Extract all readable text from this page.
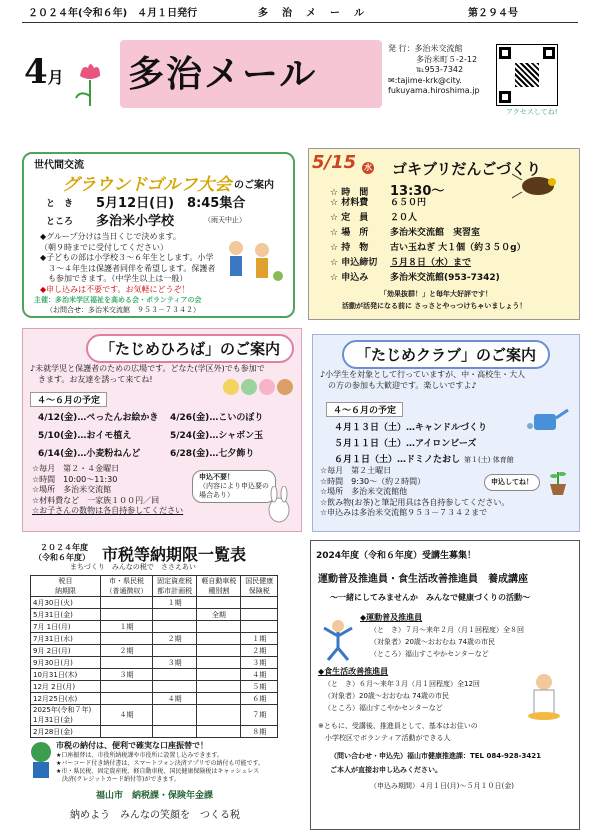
２０２４年(令和６年)　４月１日発行	多　治　メ　ー　ル	第２９４号
4月 多治メール
発 行：多治米交流館
多治米町５-2-12
℡953-7342
✉:tajime-krk@city.
fukuyama.hiroshima.jp
アクセスしてね!
世代間交流
グラウンドゴルフ大会 のご案内
と　き 5月12日(日)　8:45集合
ところ 多治米小学校	（雨天中止）
◆グループ分けは当日くじで決めます。
（朝９時までに受付してください）
◆子どもの部は小学校３～６年生とします。小学
　３～４年生は保護者同伴を希望します。保護者
　も参加できます。（中学生以上は一般）
◆申し込みは不要です。お気軽にどうぞ！
主催：多治米学区福祉を高める会・ボランティアの会
（お問合せ：多治米交流館　９５３－７３４２）
5/15 水 ゴキブリだんごづくり
☆ 時　間 13:30～
☆ 材料費 ６５０円
☆ 定　員 ２０人
☆ 場　所 多治米交流館　実習室
☆ 持　物 古い玉ねぎ 大１個（約３５０g）
☆ 申込締切 ５月８日（水）まで
☆ 申込み 多治米交流館(953-7342)
「効果抜群！」と毎年大好評です！
活動が活発になる前に さっさとやっつけちゃいましょう！
「たじめひろば」のご案内
♪未就学児と保護者のための広場です。どなた(学区外)でも参加で
　きます。お友達を誘って来てね!
４～６月の予定
4/12(金)…ぺったんお絵かき 4/26(金)…こいのぼり
5/10(金)…おイモ植え	5/24(金)…シャボン玉
6/14(金)…小麦粉ねんど	6/28(金)…七夕飾り
☆毎月　第２・４金曜日
☆時間　10:00～11:30
☆場所　多治米交流館
☆材料費など　一家族１００円／回
☆お子さんの数物は各自持参してください
申込不要！
（内容により申込要の
場合あり）
「たじめクラブ」のご案内
♪小学生を対象として行っていますが、中・高校生・大人
　の方の参加も大歓迎です。楽しいですよ♪
４～６月の予定
４月１３日（土）…キャンドルづくり
５月１１日（土）…アイロンビーズ
６月１日（土）…ドミノたおし 第１(土) 体育館
☆毎月　第２土曜日
☆時間　9:30～（約２時間）
☆場所　多治米交流館他
☆飲み物(お茶)と筆記用具は各自持参してください。
☆申込みは多治米交流館９５３－７３４２まで
申込してね！
２０２４年度
（令和６年度） 市税等納期限一覧表
まちづくり　みんなの税で　ささえあい
税目
納期限	市・県民税
（普通徴収）	固定資産税
都市計画税	軽自動車税
種別割	国民健康
保険税
4月30日(火)		１期		
5月31日(金)			全期	
7月 1日(月)	１期			
7月31日(水)		２期		１期
9月 2日(月)	２期			２期
9月30日(月)		３期		３期
10月31日(木)	３期			４期
12月 2日(月)				５期
12月25日(水)		４期		６期
2025年(令和７年)
1月31日(金)	４期			７期
2月28日(金)				８期
市税の納付は、便利で確実な口座振替で！
★口座振替は、市役所納税課や市役所に設置し込みできます。
★バーコード付き納付書は、スマートフォン決済アプリでの納付も可能です。
★市・県民税、固定資産税、軽自動車税、国民健康保険税はキャッシュレス
　決済(クレジットカード納付等)ができます。
福山市　納税課・保険年金課
納めよう　みんなの笑顔を　つくる税
2024年度（令和６年度）受講生募集！
運動普及推進員・食生活改善推進員　養成講座
～一緒にしてみませんか　みんなで健康づくりの活動～
◆運動普及推進員
（と　き）７月～来年２月（月１回程度）全８回
（対象者）20歳～おおむね 74歳の市民
（ところ）福山すこやかセンターなど
◆食生活改善推進員
（と　き）６月～来年３月（月１回程度）全12回
（対象者）20歳～おおむね 74歳の市民
（ところ）福山すこやかセンターなど
※ともに、受講後、推進員として、基本はお住いの
　小学校区でボランティア活動ができる人
（問い合わせ・申込先）福山市健康推進課：TEL 084-928-3421
ご本人が直接お申し込みください。
（申込み期間）４月１日(月)～５月１０日(金)
